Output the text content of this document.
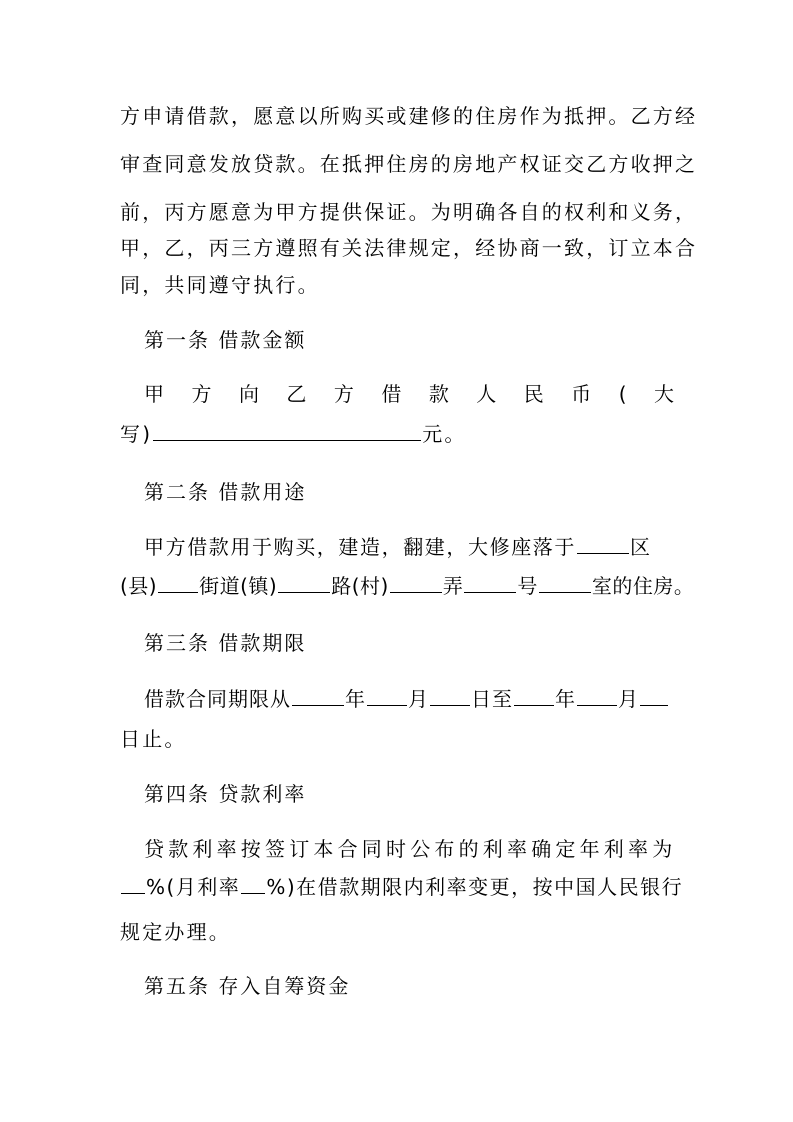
方申请借款，愿意以所购买或建修的住房作为抵押。乙方经
审查同意发放贷款。在抵押住房的房地产权证交乙方收押之
前，丙方愿意为甲方提供保证。为明确各自的权利和义务，
甲，乙，丙三方遵照有关法律规定，经协商一致，订立本合
同，共同遵守执行。
第一条 借款金额
甲 方 向 乙 方 借 款 人 民 币 ( 大
写)	元。
第二条 借款用途
甲方借款用于购买，建造，翻建，大修座落于	区
(县) 街道(镇)	路(村)	弄	号	室的住房。
第三条 借款期限
借款合同期限从	年 月 日至 年 月
日止。
第四条 贷款利率
贷款利率按签订本合同时公布的利率确定年利率为
%(月利率 %)在借款期限内利率变更，按中国人民银行
规定办理。
第五条 存入自筹资金
